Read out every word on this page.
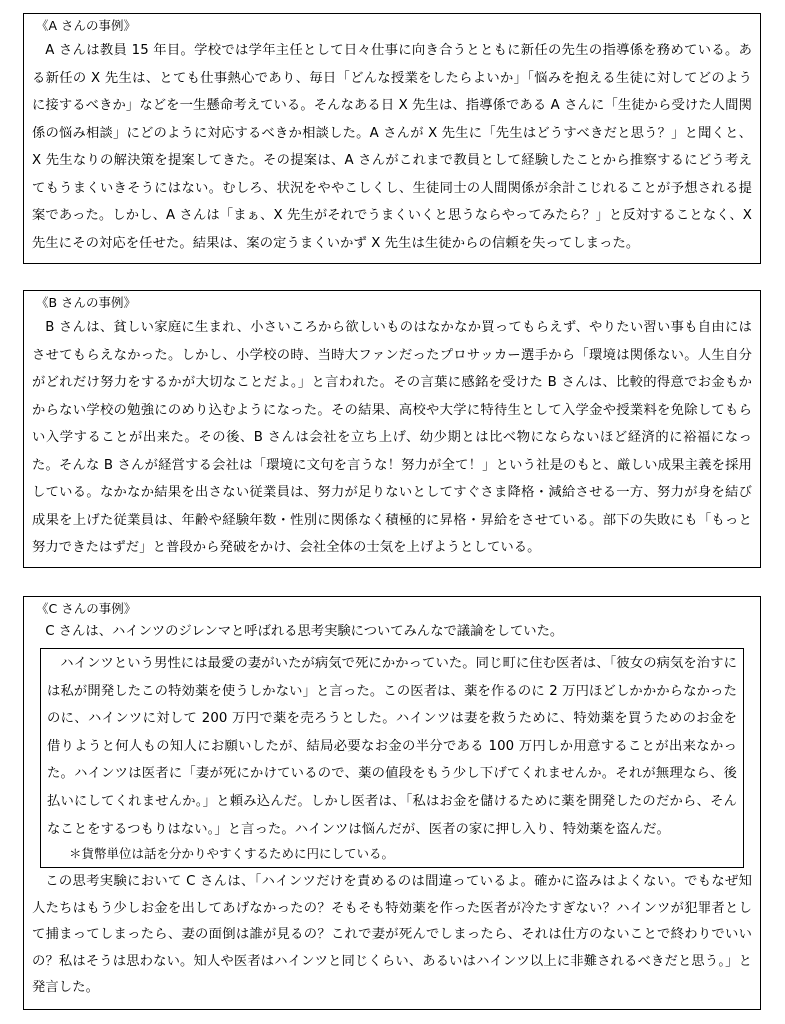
《A さんの事例》

A さんは教員 15 年目。学校では学年主任として日々仕事に向き合うとともに新任の先生の指導係を務めている。ある新任の X 先生は、とても仕事熱心であり、毎日「どんな授業をしたらよいか」「悩みを抱える生徒に対してどのように接するべきか」などを一生懸命考えている。そんなある日 X 先生は、指導係である A さんに「生徒から受けた人間関係の悩み相談」にどのように対応するべきか相談した。A さんが X 先生に「先生はどうすべきだと思う？」と聞くと、X 先生なりの解決策を提案してきた。その提案は、A さんがこれまで教員として経験したことから推察するにどう考えてもうまくいきそうにはない。むしろ、状況をややこしくし、生徒同士の人間関係が余計こじれることが予想される提案であった。しかし、A さんは「まぁ、X 先生がそれでうまくいくと思うならやってみたら？」と反対することなく、X 先生にその対応を任せた。結果は、案の定うまくいかず X 先生は生徒からの信頼を失ってしまった。

《B さんの事例》

B さんは、貧しい家庭に生まれ、小さいころから欲しいものはなかなか買ってもらえず、やりたい習い事も自由にはさせてもらえなかった。しかし、小学校の時、当時大ファンだったプロサッカー選手から「環境は関係ない。人生自分がどれだけ努力をするかが大切なことだよ。」と言われた。その言葉に感銘を受けた B さんは、比較的得意でお金もかからない学校の勉強にのめり込むようになった。その結果、高校や大学に特待生として入学金や授業料を免除してもらい入学することが出来た。その後、B さんは会社を立ち上げ、幼少期とは比べ物にならないほど経済的に裕福になった。そんな B さんが経営する会社は「環境に文句を言うな！努力が全て！」という社是のもと、厳しい成果主義を採用している。なかなか結果を出さない従業員は、努力が足りないとしてすぐさま降格・減給させる一方、努力が身を結び成果を上げた従業員は、年齢や経験年数・性別に関係なく積極的に昇格・昇給をさせている。部下の失敗にも「もっと努力できたはずだ」と普段から発破をかけ、会社全体の士気を上げようとしている。

《C さんの事例》

C さんは、ハインツのジレンマと呼ばれる思考実験についてみんなで議論をしていた。

ハインツという男性には最愛の妻がいたが病気で死にかかっていた。同じ町に住む医者は、「彼女の病気を治すには私が開発したこの特効薬を使うしかない」と言った。この医者は、薬を作るのに 2 万円ほどしかかからなかったのに、ハインツに対して 200 万円で薬を売ろうとした。ハインツは妻を救うために、特効薬を買うためのお金を借りようと何人もの知人にお願いしたが、結局必要なお金の半分である 100 万円しか用意することが出来なかった。ハインツは医者に「妻が死にかけているので、薬の値段をもう少し下げてくれませんか。それが無理なら、後払いにしてくれませんか。」と頼み込んだ。しかし医者は、「私はお金を儲けるために薬を開発したのだから、そんなことをするつもりはない。」と言った。ハインツは悩んだが、医者の家に押し入り、特効薬を盗んだ。

＊貨幣単位は話を分かりやすくするために円にしている。

この思考実験において C さんは、「ハインツだけを責めるのは間違っているよ。確かに盗みはよくない。でもなぜ知人たちはもう少しお金を出してあげなかったの？そもそも特効薬を作った医者が冷たすぎない？ハインツが犯罪者として捕まってしまったら、妻の面倒は誰が見るの？これで妻が死んでしまったら、それは仕方のないことで終わりでいいの？私はそうは思わない。知人や医者はハインツと同じくらい、あるいはハインツ以上に非難されるべきだと思う。」と発言した。
